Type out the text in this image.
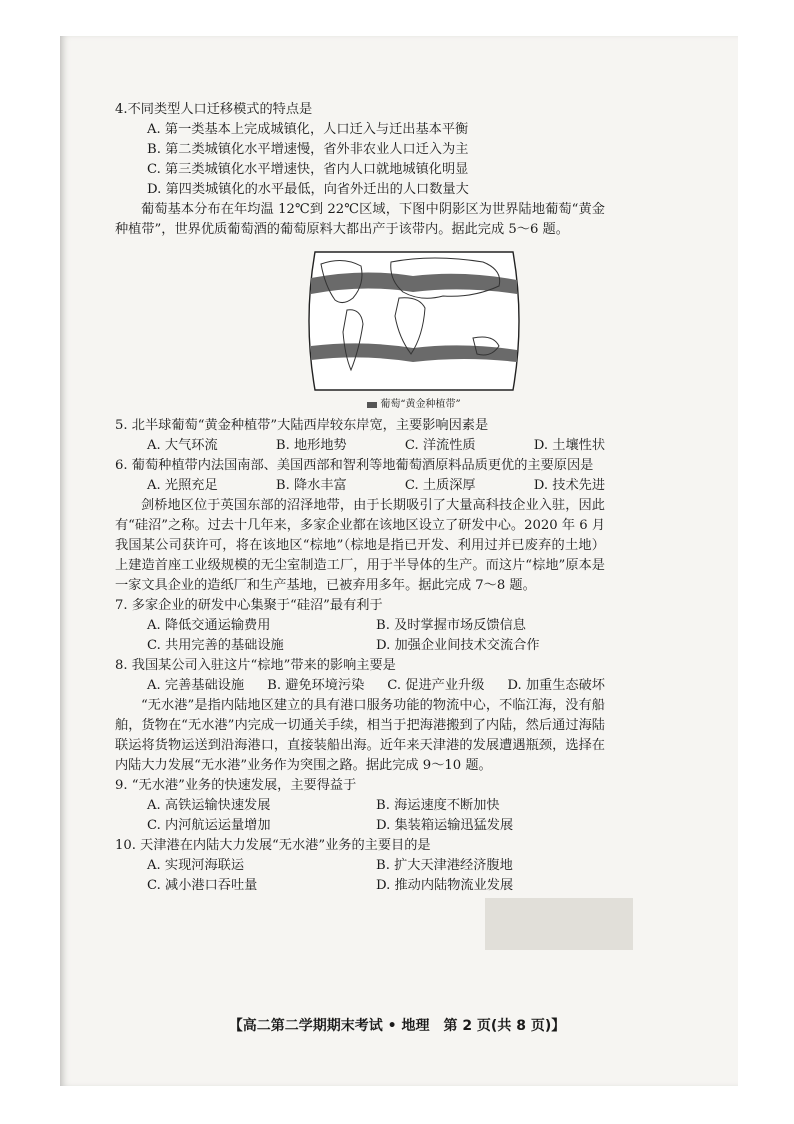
4.不同类型人口迁移模式的特点是

A. 第一类基本上完成城镇化，人口迁入与迁出基本平衡

B. 第二类城镇化水平增速慢，省外非农业人口迁入为主

C. 第三类城镇化水平增速快，省内人口就地城镇化明显

D. 第四类城镇化的水平最低，向省外迁出的人口数量大

葡萄基本分布在年均温 12℃到 22℃区域，下图中阴影区为世界陆地葡萄“黄金种植带”，世界优质葡萄酒的葡萄原料大都出产于该带内。据此完成 5～6 题。

葡萄“黄金种植带”

5. 北半球葡萄“黄金种植带”大陆西岸较东岸宽，主要影响因素是

A. 大气环流	B. 地形地势	C. 洋流性质	D. 土壤性状

6. 葡萄种植带内法国南部、美国西部和智利等地葡萄酒原料品质更优的主要原因是

A. 光照充足	B. 降水丰富	C. 土质深厚	D. 技术先进

剑桥地区位于英国东部的沼泽地带，由于长期吸引了大量高科技企业入驻，因此有“硅沼”之称。过去十几年来，多家企业都在该地区设立了研发中心。2020 年 6 月我国某公司获许可，将在该地区“棕地”（棕地是指已开发、利用过并已废弃的土地）上建造首座工业级规模的无尘室制造工厂，用于半导体的生产。而这片“棕地”原本是一家文具企业的造纸厂和生产基地，已被弃用多年。据此完成 7～8 题。

7. 多家企业的研发中心集聚于“硅沼”最有利于

A. 降低交通运输费用	B. 及时掌握市场反馈信息
C. 共用完善的基础设施	D. 加强企业间技术交流合作

8. 我国某公司入驻这片“棕地”带来的影响主要是

A. 完善基础设施	B. 避免环境污染	C. 促进产业升级	D. 加重生态破坏

“无水港”是指内陆地区建立的具有港口服务功能的物流中心，不临江海，没有船舶，货物在“无水港”内完成一切通关手续，相当于把海港搬到了内陆，然后通过海陆联运将货物运送到沿海港口，直接装船出海。近年来天津港的发展遭遇瓶颈，选择在内陆大力发展“无水港”业务作为突围之路。据此完成 9～10 题。

9. “无水港”业务的快速发展，主要得益于

A. 高铁运输快速发展	B. 海运速度不断加快
C. 内河航运运量增加	D. 集装箱运输迅猛发展

10. 天津港在内陆大力发展“无水港”业务的主要目的是

A. 实现河海联运	B. 扩大天津港经济腹地
C. 减小港口吞吐量	D. 推动内陆物流业发展
【高二第二学期期末考试 • 地理　第 2 页(共 8 页)】
